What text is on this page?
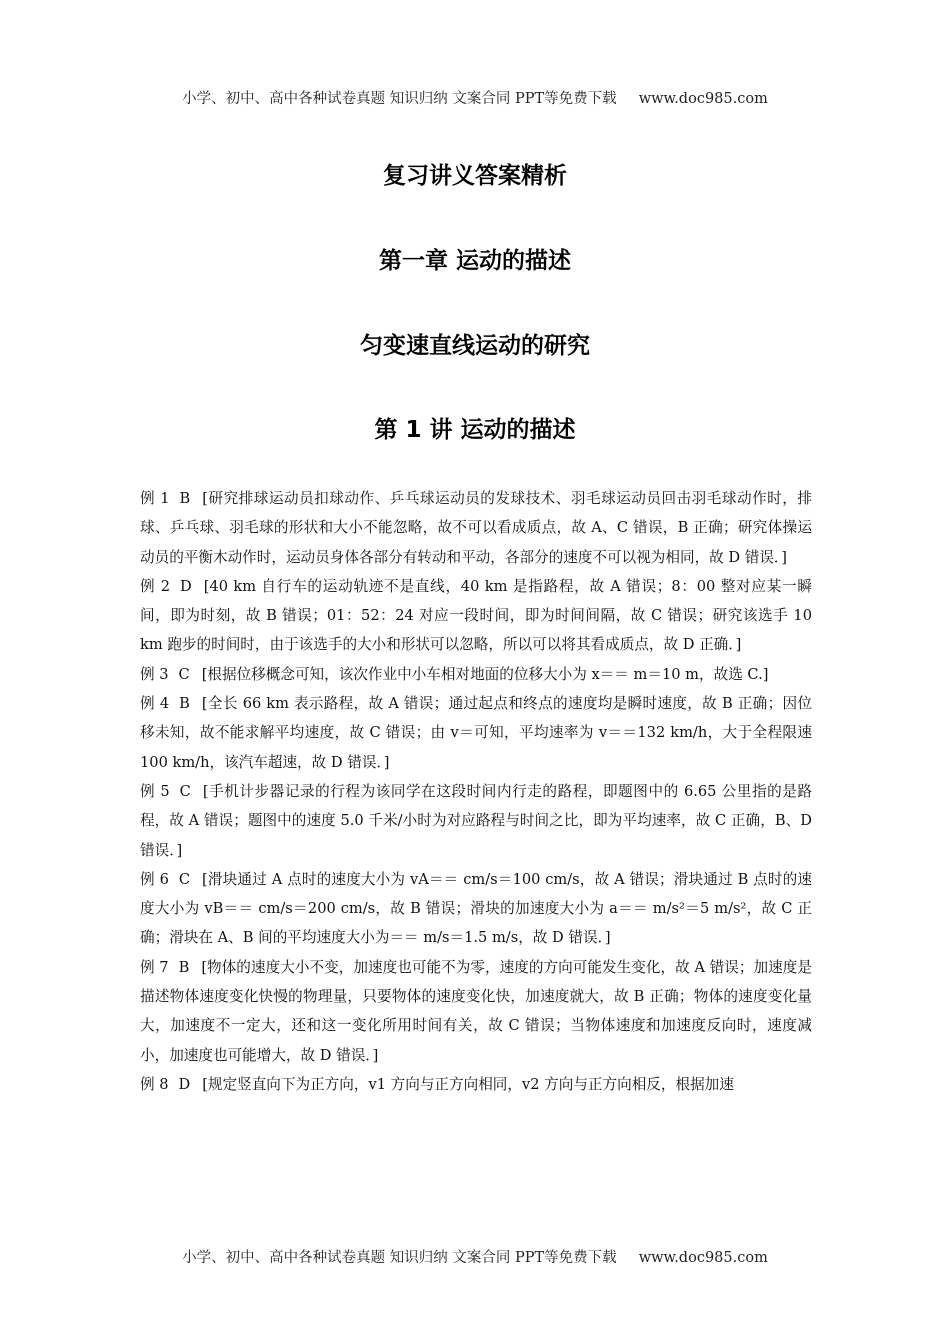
小学、初中、高中各种试卷真题 知识归纳 文案合同 PPT等免费下载 www.doc985.com
复习讲义答案精析
第一章 运动的描述
匀变速直线运动的研究
第 1 讲 运动的描述

例 1 B [研究排球运动员扣球动作、乒乓球运动员的发球技术、羽毛球运动员回击羽毛球动作时，排球、乒乓球、羽毛球的形状和大小不能忽略，故不可以看成质点，故 A、C 错误，B 正确；研究体操运动员的平衡木动作时，运动员身体各部分有转动和平动，各部分的速度不可以视为相同，故 D 错误．]

例 2 D [40 km 自行车的运动轨迹不是直线，40 km 是指路程，故 A 错误；8：00 整对应某一瞬间，即为时刻，故 B 错误；01：52：24 对应一段时间，即为时间间隔，故 C 错误；研究该选手 10 km 跑步的时间时，由于该选手的大小和形状可以忽略，所以可以将其看成质点，故 D 正确．]

例 3 C [根据位移概念可知，该次作业中小车相对地面的位移大小为 x＝＝ m＝10 m，故选 C.]

例 4 B [全长 66 km 表示路程，故 A 错误；通过起点和终点的速度均是瞬时速度，故 B 正确；因位移未知，故不能求解平均速度，故 C 错误；由 v＝可知，平均速率为 v＝＝132 km/h，大于全程限速 100 km/h，该汽车超速，故 D 错误．]

例 5 C [手机计步器记录的行程为该同学在这段时间内行走的路程，即题图中的 6.65 公里指的是路程，故 A 错误；题图中的速度 5.0 千米/小时为对应路程与时间之比，即为平均速率，故 C 正确，B、D 错误．]

例 6 C [滑块通过 A 点时的速度大小为 vA＝＝ cm/s＝100 cm/s，故 A 错误；滑块通过 B 点时的速度大小为 vB＝＝ cm/s＝200 cm/s，故 B 错误；滑块的加速度大小为 a＝＝ m/s²＝5 m/s²，故 C 正确；滑块在 A、B 间的平均速度大小为＝＝ m/s＝1.5 m/s，故 D 错误．]

例 7 B [物体的速度大小不变，加速度也可能不为零，速度的方向可能发生变化，故 A 错误；加速度是描述物体速度变化快慢的物理量，只要物体的速度变化快，加速度就大，故 B 正确；物体的速度变化量大，加速度不一定大，还和这一变化所用时间有关，故 C 错误；当物体速度和加速度反向时，速度减小，加速度也可能增大，故 D 错误．]

例 8 D [规定竖直向下为正方向，v1 方向与正方向相同，v2 方向与正方向相反，根据加速

小学、初中、高中各种试卷真题 知识归纳 文案合同 PPT等免费下载 www.doc985.com
